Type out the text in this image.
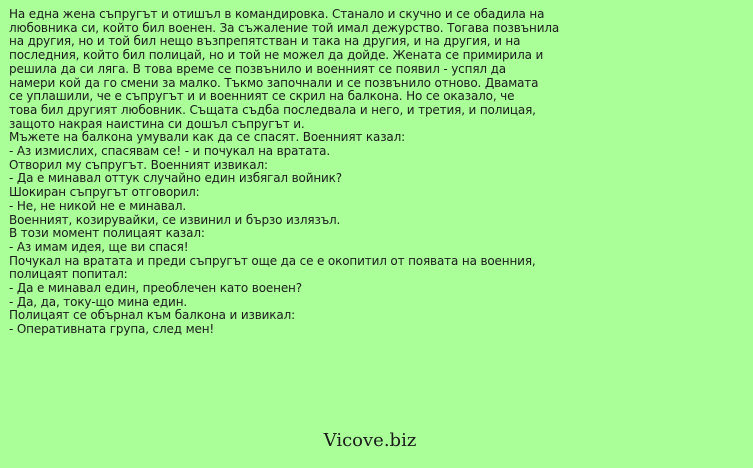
На една жена съпругът и отишъл в командировка. Станало и скучно и се обадила на
любовника си, който бил военен. За съжаление той имал дежурство. Тогава позвънила
на другия, но и той бил нещо възпрепятстван и така на другия, и на другия, и на
последния, който бил полицай, но и той не можел да дойде. Жената се примирила и
решила да си ляга. В това време се позвънило и военният се появил - успял да
намери кой да го смени за малко. Тъкмо започнали и се позвънило отново. Двамата
се уплашили, че е съпругът и и военният се скрил на балкона. Но се оказало, че
това бил другият любовник. Същата съдба последвала и него, и третия, и полицая,
защото накрая наистина си дошъл съпругът и.
Мъжете на балкона умували как да се спасят. Военният казал:
- Аз измислих, спасявам се! - и почукал на вратата.
Отворил му съпругът. Военният извикал:
- Да е минавал оттук случайно един избягал войник?
Шокиран съпругът отговорил:
- Не, не никой не е минавал.
Военният, козирувайки, се извинил и бързо излязъл.
В този момент полицаят казал:
- Аз имам идея, ще ви спася!
Почукал на вратата и преди съпругът още да се е окопитил от появата на военния,
полицаят попитал:
- Да е минавал един, преоблечен като военен?
- Да, да, току-що мина един.
Полицаят се обърнал към балкона и извикал:
- Оперативната група, след мен!
Vicove.biz
